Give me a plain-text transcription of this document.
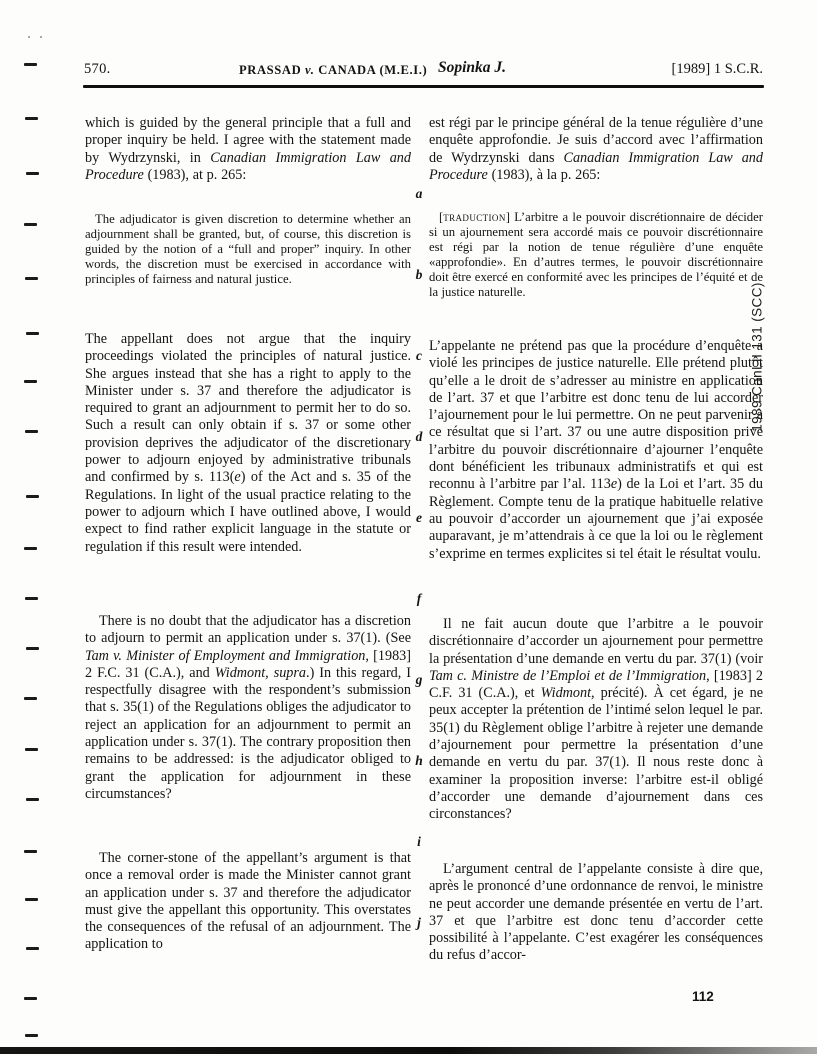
570.	PRASSAD v. CANADA (M.E.I.) Sopinka J.	[1989] 1 S.C.R.
which is guided by the general principle that a full and proper inquiry be held. I agree with the statement made by Wydrzynski, in Canadian Immigration Law and Procedure (1983), at p. 265:
The adjudicator is given discretion to determine whether an adjournment shall be granted, but, of course, this discretion is guided by the notion of a “full and proper” inquiry. In other words, the discretion must be exercised in accordance with principles of fairness and natural justice.
The appellant does not argue that the inquiry proceedings violated the principles of natural justice. She argues instead that she has a right to apply to the Minister under s. 37 and therefore the adjudicator is required to grant an adjournment to permit her to do so. Such a result can only obtain if s. 37 or some other provision deprives the adjudicator of the discretionary power to adjourn enjoyed by administrative tribunals and confirmed by s. 113(e) of the Act and s. 35 of the Regulations. In light of the usual practice relating to the power to adjourn which I have outlined above, I would expect to find rather explicit language in the statute or regulation if this result were intended.
There is no doubt that the adjudicator has a discretion to adjourn to permit an application under s. 37(1). (See Tam v. Minister of Employment and Immigration, [1983] 2 F.C. 31 (C.A.), and Widmont, supra.) In this regard, I respectfully disagree with the respondent’s submission that s. 35(1) of the Regulations obliges the adjudicator to reject an application for an adjournment to permit an application under s. 37(1). The contrary proposition then remains to be addressed: is the adjudicator obliged to grant the application for adjournment in these circumstances?
The corner-stone of the appellant’s argument is that once a removal order is made the Minister cannot grant an application under s. 37 and therefore the adjudicator must give the appellant this opportunity. This overstates the consequences of the refusal of an adjournment. The application to
est régi par le principe général de la tenue régulière d’une enquête approfondie. Je suis d’accord avec l’affirmation de Wydrzynski dans Canadian Immigration Law and Procedure (1983), à la p. 265:
[traduction] L’arbitre a le pouvoir discrétionnaire de décider si un ajournement sera accordé mais ce pouvoir discrétionnaire est régi par la notion de tenue régulière d’une enquête «approfondie». En d’autres termes, le pouvoir discrétionnaire doit être exercé en conformité avec les principes de l’équité et de la justice naturelle.
L’appelante ne prétend pas que la procédure d’enquête a violé les principes de justice naturelle. Elle prétend plutôt qu’elle a le droit de s’adresser au ministre en application de l’art. 37 et que l’arbitre est donc tenu de lui accorder l’ajournement pour le lui permettre. On ne peut parvenir à ce résultat que si l’art. 37 ou une autre disposition prive l’arbitre du pouvoir discrétionnaire d’ajourner l’enquête dont bénéficient les tribunaux administratifs et qui est reconnu à l’arbitre par l’al. 113e) de la Loi et l’art. 35 du Règlement. Compte tenu de la pratique habituelle relative au pouvoir d’accorder un ajournement que j’ai exposée auparavant, je m’attendrais à ce que la loi ou le règlement s’exprime en termes explicites si tel était le résultat voulu.
Il ne fait aucun doute que l’arbitre a le pouvoir discrétionnaire d’accorder un ajournement pour permettre la présentation d’une demande en vertu du par. 37(1) (voir Tam c. Ministre de l’Emploi et de l’Immigration, [1983] 2 C.F. 31 (C.A.), et Widmont, précité). À cet égard, je ne peux accepter la prétention de l’intimé selon lequel le par. 35(1) du Règlement oblige l’arbitre à rejeter une demande d’ajournement pour permettre la présentation d’une demande en vertu du par. 37(1). Il nous reste donc à examiner la proposition inverse: l’arbitre est-il obligé d’accorder une demande d’ajournement dans ces circonstances?
L’argument central de l’appelante consiste à dire que, après le prononcé d’une ordonnance de renvoi, le ministre ne peut accorder une demande présentée en vertu de l’art. 37 et que l’arbitre est donc tenu d’accorder cette possibilité à l’appelante. C’est exagérer les conséquences du refus d’accor-
a
b
c
d
e
f
g
h
i
j
1989 CanLII 131 (SCC)
112
